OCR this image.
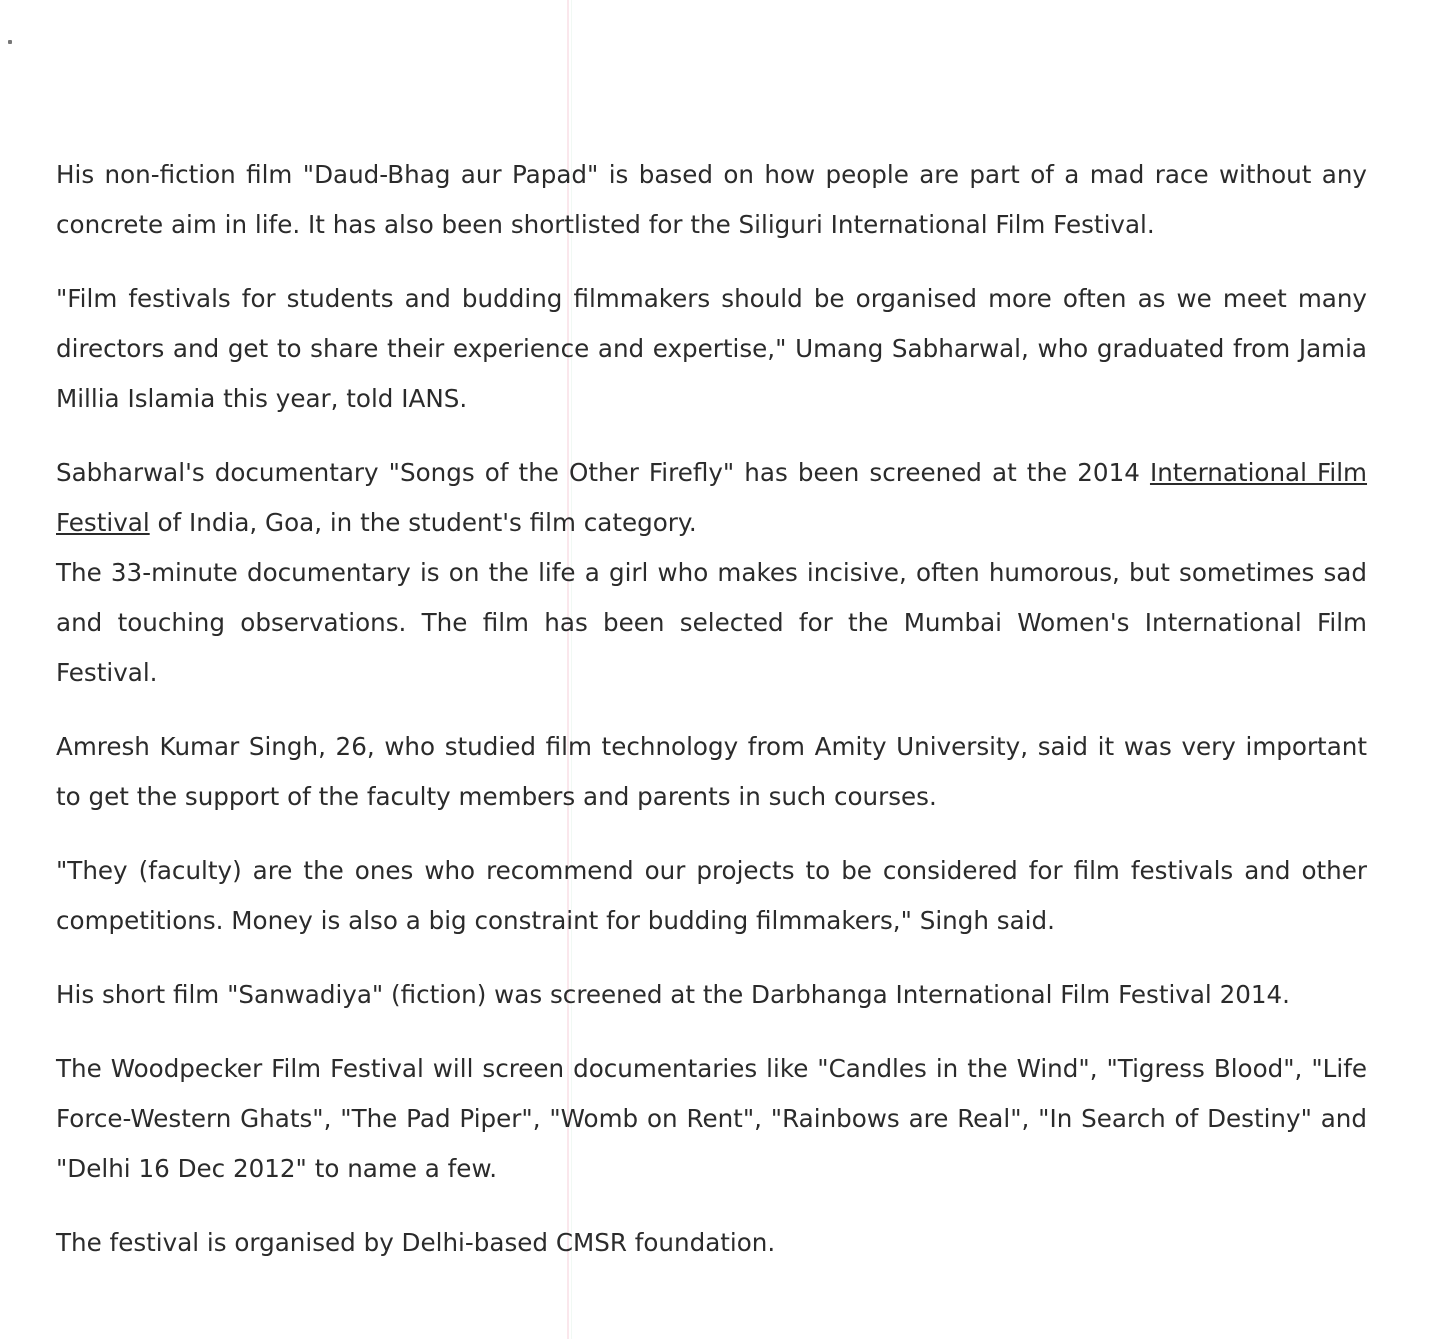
His non-fiction film "Daud-Bhag aur Papad" is based on how people are part of a mad race without any concrete aim in life. It has also been shortlisted for the Siliguri International Film Festival.

"Film festivals for students and budding filmmakers should be organised more often as we meet many directors and get to share their experience and expertise," Umang Sabharwal, who graduated from Jamia Millia Islamia this year, told IANS.

Sabharwal's documentary "Songs of the Other Firefly" has been screened at the 2014 International Film Festival of India, Goa, in the student's film category.

The 33-minute documentary is on the life a girl who makes incisive, often humorous, but sometimes sad and touching observations. The film has been selected for the Mumbai Women's International Film Festival.

Amresh Kumar Singh, 26, who studied film technology from Amity University, said it was very important to get the support of the faculty members and parents in such courses.

"They (faculty) are the ones who recommend our projects to be considered for film festivals and other competitions. Money is also a big constraint for budding filmmakers," Singh said.

His short film "Sanwadiya" (fiction) was screened at the Darbhanga International Film Festival 2014.

The Woodpecker Film Festival will screen documentaries like "Candles in the Wind", "Tigress Blood", "Life Force-Western Ghats", "The Pad Piper", "Womb on Rent", "Rainbows are Real", "In Search of Destiny" and "Delhi 16 Dec 2012" to name a few.

The festival is organised by Delhi-based CMSR foundation.
